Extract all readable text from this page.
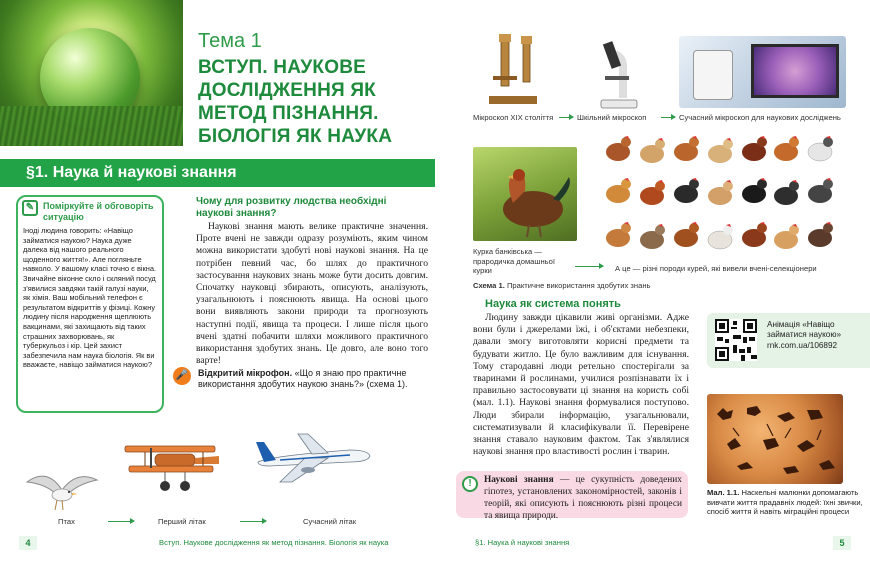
Тема 1
ВСТУП. НАУКОВЕ ДОСЛІДЖЕННЯ ЯК МЕТОД ПІЗНАННЯ. БІОЛОГІЯ ЯК НАУКА
§1. Наука й наукові знання
✎ Поміркуйте й обговоріть ситуацію
Іноді людина говорить: «Навіщо займатися наукою? Наука дуже далека від нашого реального щоденного життя!». Але погляньте навколо. У вашому класі точно є вікна. Звичайне віконне скло і скляний посуд з'явилися завдяки такій галузі науки, як хімія. Ваш мобільний телефон є результатом відкриттів у фізиці. Кожну людину після народження щеплюють вакцинами, які захищають від таких страшних захворювань, як туберкульоз і кір. Цей захист забезпечила нам наука біологія. Як ви вважаєте, навіщо займатися наукою?
Чому для розвитку людства необхідні наукові знання?
Наукові знання мають велике практичне значення. Проте вчені не завжди одразу розуміють, яким чином можна використати здобуті нові наукові знання. На це потрібен певний час, бо шлях до практичного застосування наукових знань може бути досить довгим. Спочатку науковці збирають, описують, аналізують, узагальнюють і пояснюють явища. На основі цього вони виявляють закони природи та прогнозують наступні події, явища та процеси. І лише після цього вчені здатні побачити шляхи можливого практичного використання здобутих знань. Це довго, але воно того варте!
🎤	Відкритий мікрофон. «Що я знаю про практичне використання здобутих наукою знань?» (схема 1).
Птах	Перший літак	Сучасний літак
4	Вступ. Наукове дослідження як метод пізнання. Біологія як наука
Мікроскоп XIX століття	Шкільний мікроскоп	Сучасний мікроскоп для наукових досліджень
Курка банківська — прародичка домашньої курки	А це — різні породи курей, які вивели вчені-селекціонери
Схема 1. Практичне використання здобутих знань
Наука як система понять
Людину завжди цікавили живі організми. Адже вони були і джерелами їжі, і об'єктами небезпеки, давали змогу виготовляти корисні предмети та будувати житло. Це було важливим для існування. Тому стародавні люди ретельно спостерігали за тваринами й рослинами, училися розпізнавати їх і правильно застосовувати ці знання на користь собі (мал. 1.1). Наукові знання формувалися поступово. Люди збирали інформацію, узагальнювали, систематизували й класифікували її. Перевірене знання ставало науковим фактом. Так з'являлися наукові знання про властивості рослин і тварин.
!	Наукові знання — це сукупність доведених гіпотез, установлених закономірностей, законів і теорій, які описують і пояснюють різні процеси та явища природи.
Анімація «Навіщо займатися наукою»
rnk.com.ua/106892
Мал. 1.1. Наскельні малюнки допомагають вивчати життя прадавніх людей: їхні звички, спосіб життя й навіть міграційні процеси
§1. Наука й наукові знання	5
